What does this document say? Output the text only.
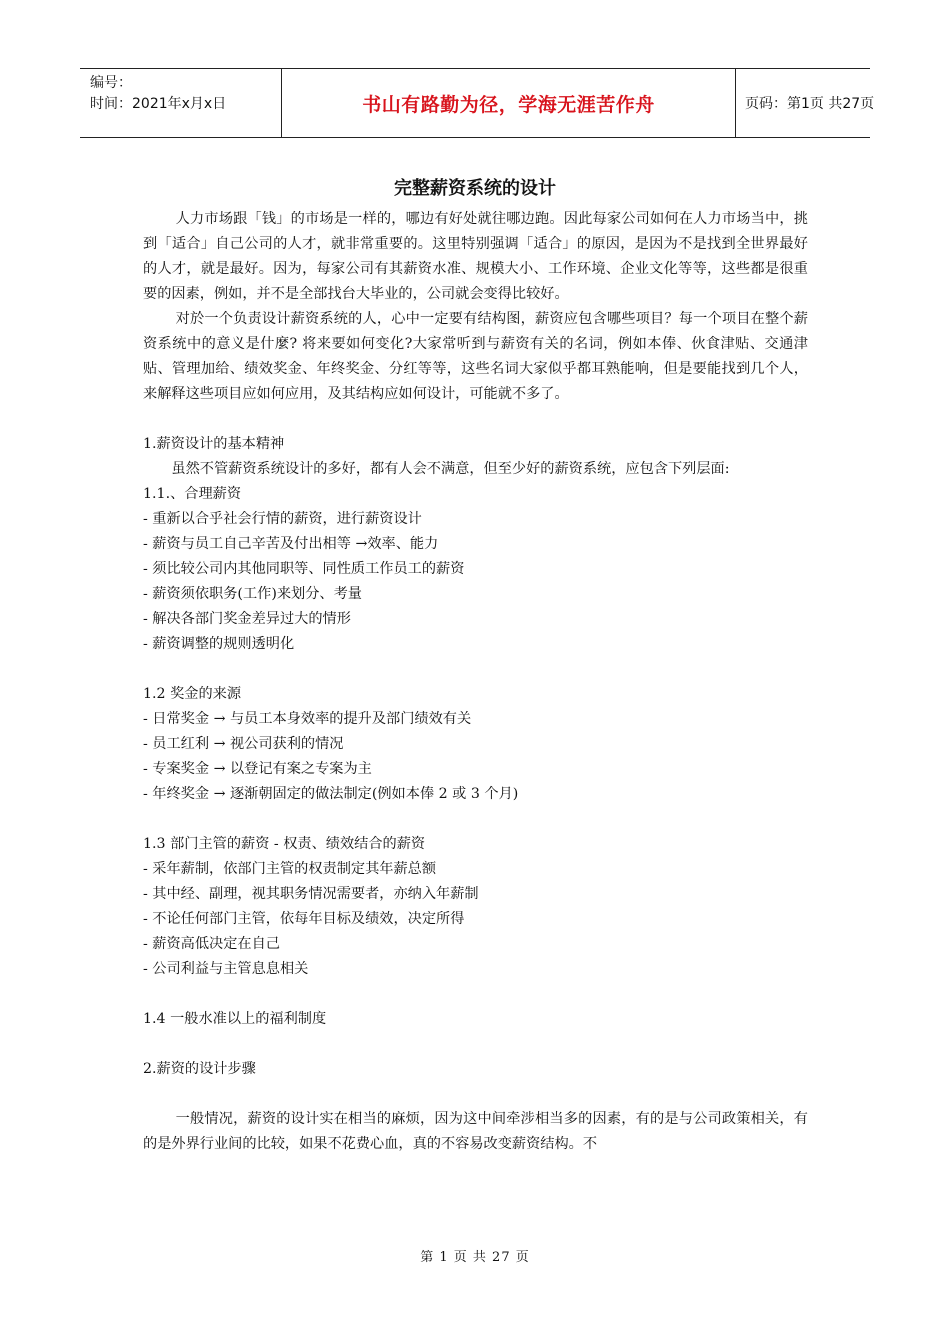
编号：
时间：2021年x月x日	书山有路勤为径，学海无涯苦作舟	页码：第1页 共27页
完整薪资系统的设计

人力市场跟「钱」的市场是一样的，哪边有好处就往哪边跑。因此每家公司如何在人力市场当中，挑到「适合」自己公司的人才，就非常重要的。这里特别强调「适合」的原因，是因为不是找到全世界最好的人才，就是最好。因为，每家公司有其薪资水准、规模大小、工作环境、企业文化等等，这些都是很重要的因素，例如，并不是全部找台大毕业的，公司就会变得比较好。

对於一个负责设计薪资系统的人，心中一定要有结构图，薪资应包含哪些项目？每一个项目在整个薪资系统中的意义是什麼? 将来要如何变化?大家常听到与薪资有关的名词，例如本俸、伙食津贴、交通津贴、管理加给、绩效奖金、年终奖金、分红等等，这些名词大家似乎都耳熟能响，但是要能找到几个人，来解释这些项目应如何应用，及其结构应如何设计，可能就不多了。

1.薪资设计的基本精神

虽然不管薪资系统设计的多好，都有人会不满意，但至少好的薪资系统，应包含下列层面:

1.1.、合理薪资

- 重新以合乎社会行情的薪资，进行薪资设计
- 薪资与员工自己辛苦及付出相等 →效率、能力
- 须比较公司内其他同职等、同性质工作员工的薪资
- 薪资须依职务(工作)来划分、考量
- 解决各部门奖金差异过大的情形
- 薪资调整的规则透明化

1.2 奖金的来源

- 日常奖金 → 与员工本身效率的提升及部门绩效有关
- 员工红利 → 视公司获利的情况
- 专案奖金 → 以登记有案之专案为主
- 年终奖金 → 逐渐朝固定的做法制定(例如本俸 2 或 3 个月)

1.3 部门主管的薪资 - 权责、绩效结合的薪资

- 采年薪制，依部门主管的权责制定其年薪总额
- 其中经、副理，视其职务情况需要者，亦纳入年薪制
- 不论任何部门主管，依每年目标及绩效，决定所得
- 薪资高低决定在自己
- 公司利益与主管息息相关

1.4 一般水准以上的福利制度

2.薪资的设计步骤

一般情况，薪资的设计实在相当的麻烦，因为这中间牵涉相当多的因素，有的是与公司政策相关，有的是外界行业间的比较，如果不花费心血，真的不容易改变薪资结构。不

第 1 页 共 27 页
